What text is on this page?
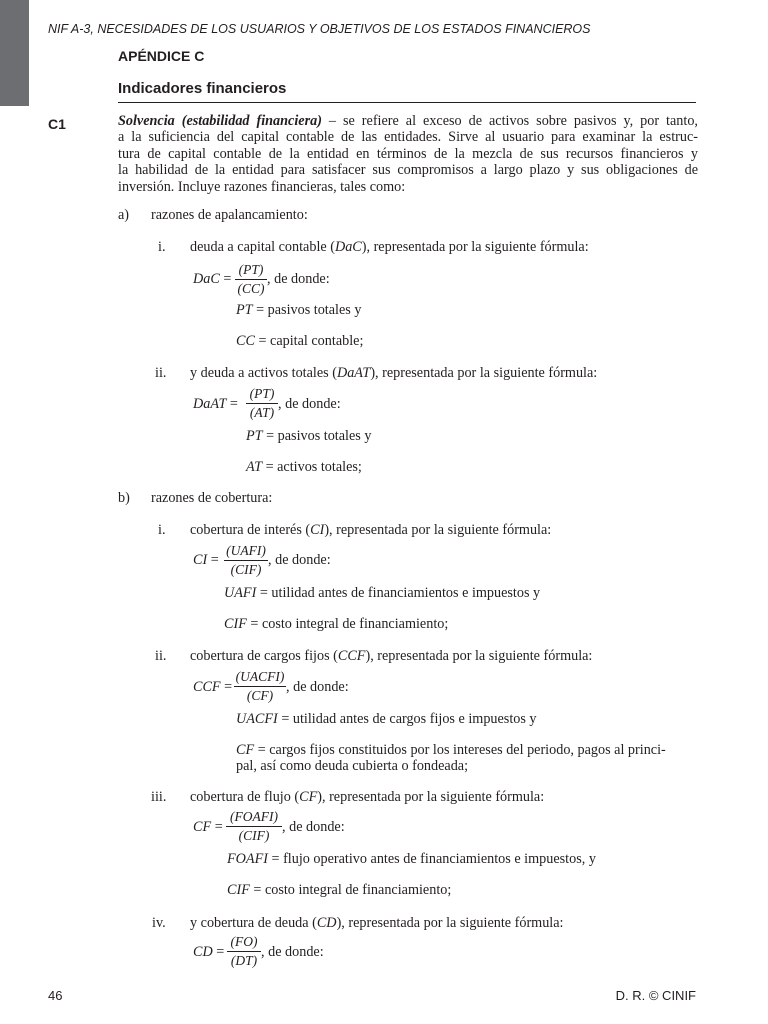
NIF A-3, NECESIDADES DE LOS USUARIOS Y OBJETIVOS DE LOS ESTADOS FINANCIEROS
APÉNDICE C
Indicadores financieros
C1	Solvencia (estabilidad financiera) – se refiere al exceso de activos sobre pasivos y, por tanto,
a la suficiencia del capital contable de las entidades. Sirve al usuario para examinar la estruc-
tura de capital contable de la entidad en términos de la mezcla de sus recursos financieros y
la habilidad de la entidad para satisfacer sus compromisos a largo plazo y sus obligaciones de
inversión. Incluye razones financieras, tales como:
a) razones de apalancamiento:
i. deuda a capital contable (DaC), representada por la siguiente fórmula:
DaC =
(PT)
(CC)
, de donde:
PT = pasivos totales y
CC = capital contable;
ii. y deuda a activos totales (DaAT), representada por la siguiente fórmula:
DaAT =
(PT)
(AT)
, de donde:
PT = pasivos totales y
AT = activos totales;
b) razones de cobertura:
i. cobertura de interés (CI), representada por la siguiente fórmula:
CI =
(UAFI)
(CIF)
, de donde:
UAFI = utilidad antes de financiamientos e impuestos y
CIF = costo integral de financiamiento;
ii. cobertura de cargos fijos (CCF), representada por la siguiente fórmula:
CCF =
(UACFI)
(CF)
, de donde:
UACFI = utilidad antes de cargos fijos e impuestos y
CF = cargos fijos constituidos por los intereses del periodo, pagos al princi-
pal, así como deuda cubierta o fondeada;
iii. cobertura de flujo (CF), representada por la siguiente fórmula:
CF =
(FOAFI)
(CIF)
, de donde:
FOAFI = flujo operativo antes de financiamientos e impuestos, y
CIF = costo integral de financiamiento;
iv. y cobertura de deuda (CD), representada por la siguiente fórmula:
CD =
(FO)
(DT)
, de donde:
46	D. R. © CINIF
